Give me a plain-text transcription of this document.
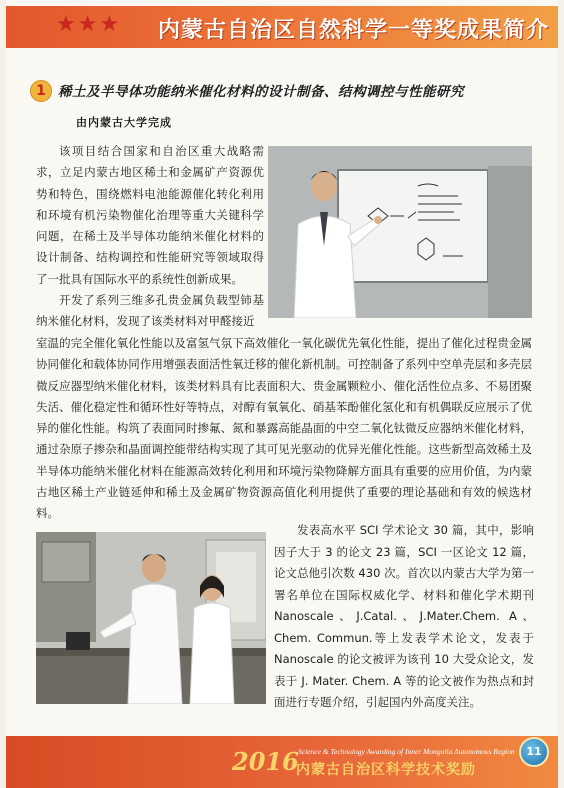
★★★ 内蒙古自治区自然科学一等奖成果简介
1 稀土及半导体功能纳米催化材料的设计制备、结构调控与性能研究
由内蒙古大学完成

该项目结合国家和自治区重大战略需求，立足内蒙古地区稀土和金属矿产资源优势和特色，围绕燃料电池能源催化转化利用和环境有机污染物催化治理等重大关键科学问题，在稀土及半导体功能纳米催化材料的设计制备、结构调控和性能研究等领域取得了一批具有国际水平的系统性创新成果。

开发了系列三维多孔贵金属负载型铈基纳米催化材料，发现了该类材料对甲醛接近

室温的完全催化氧化性能以及富氢气氛下高效催化一氧化碳优先氧化性能，提出了催化过程贵金属协同催化和载体协同作用增强表面活性氧迁移的催化新机制。可控制备了系列中空单壳层和多壳层微反应器型纳米催化材料，该类材料具有比表面积大、贵金属颗粒小、催化活性位点多、不易团聚失活、催化稳定性和循环性好等特点，对醇有氧氧化、硝基苯酚催化氢化和有机偶联反应展示了优异的催化性能。构筑了表面同时掺氟、氮和暴露高能晶面的中空二氧化钛微反应器纳米催化材料，通过杂原子掺杂和晶面调控能带结构实现了其可见光驱动的优异光催化性能。这些新型高效稀土及半导体功能纳米催化材料在能源高效转化利用和环境污染物降解方面具有重要的应用价值，为内蒙古地区稀土产业链延伸和稀土及金属矿物资源高值化利用提供了重要的理论基础和有效的候选材料。

发表高水平 SCI 学术论文 30 篇，其中，影响因子大于 3 的论文 23 篇，SCI 一区论文 12 篇，论文总他引次数 430 次。首次以内蒙古大学为第一署名单位在国际权威化学、材料和催化学术期刊Nanoscale、J.Catal.、J.Mater.Chem. A、Chem. Commun.等上发表学术论文，发表于Nanoscale 的论文被评为该刊 10 大受众论文，发表于 J. Mater. Chem. A 等的论文被作为热点和封面进行专题介绍，引起国内外高度关注。

2016 Science & Technology Awarding of Inner Mongolia Autonomous Region
内蒙古自治区科学技术奖励
11
